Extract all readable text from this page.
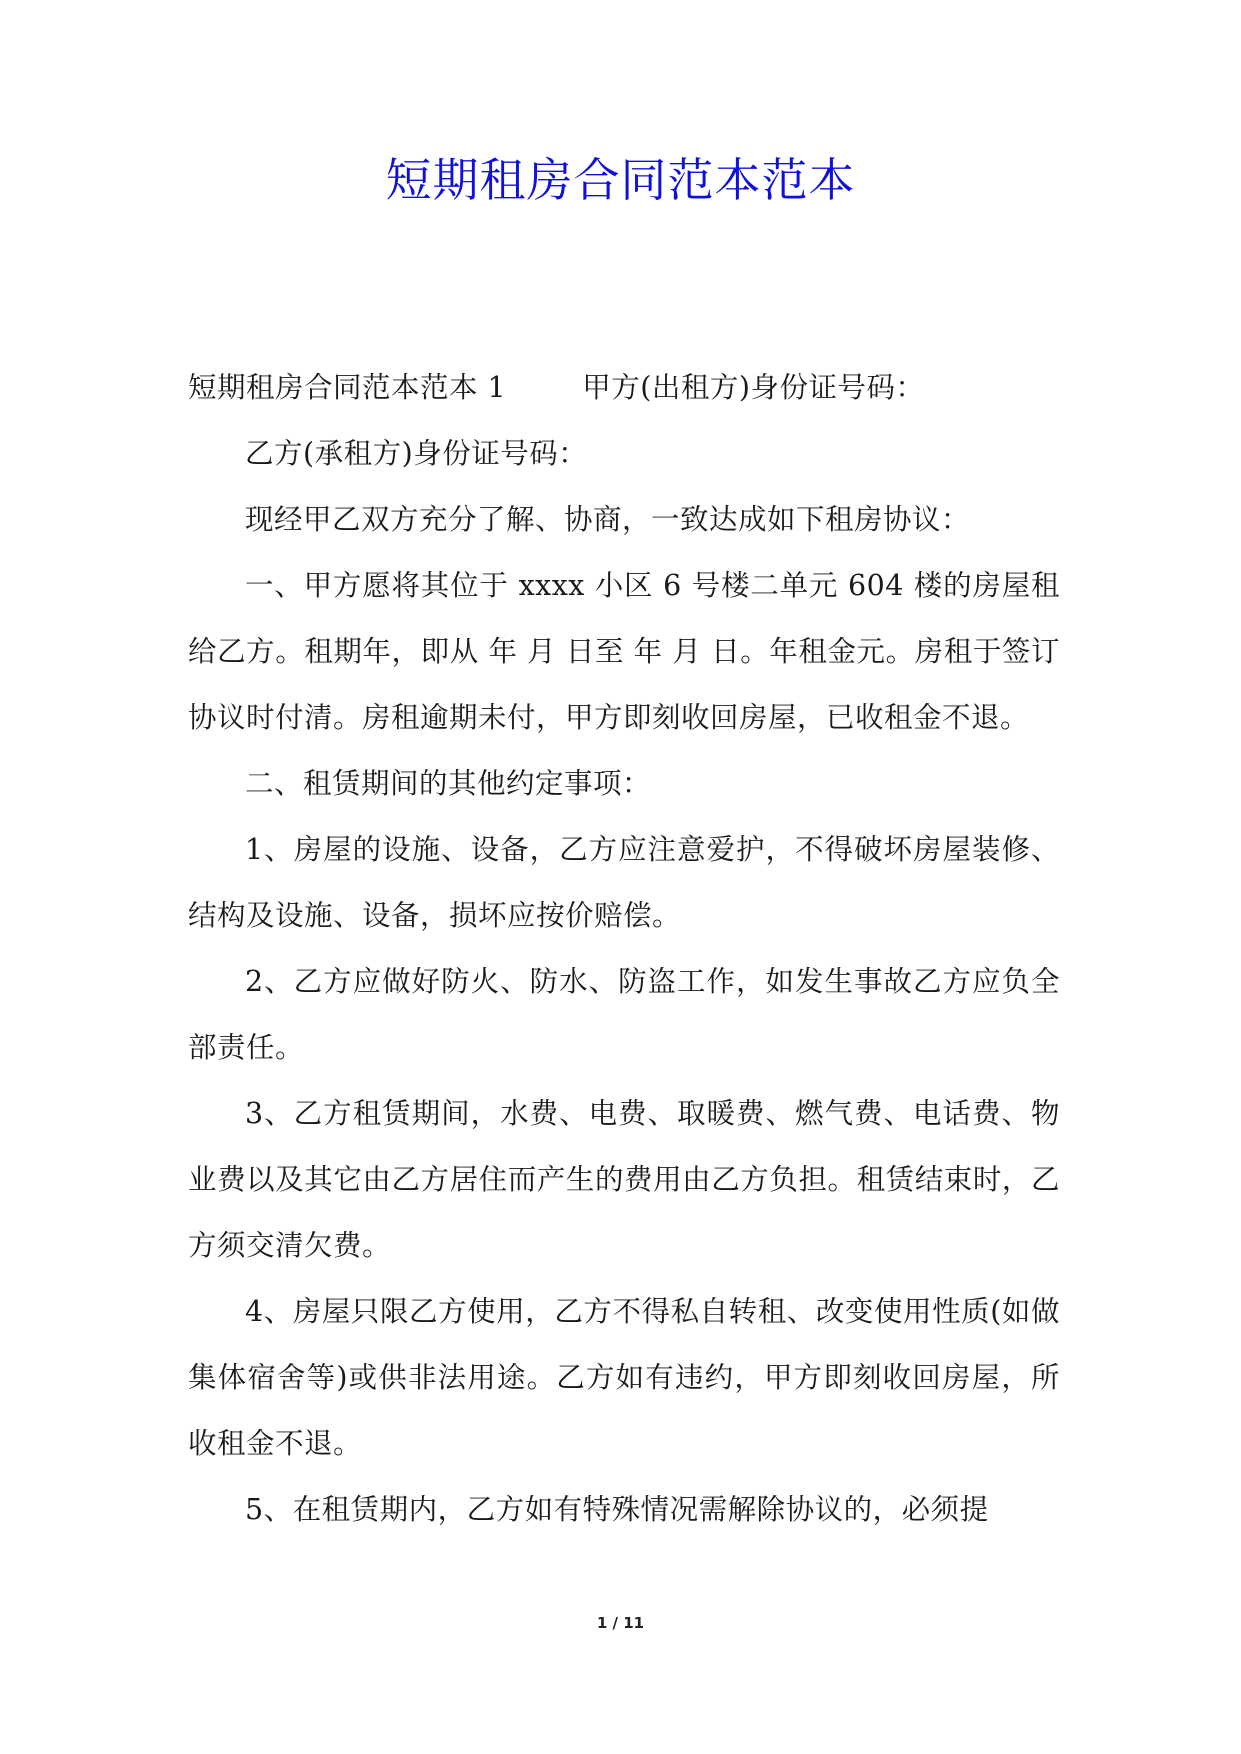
短期租房合同范本范本

短期租房合同范本范本 1	甲方(出租方)身份证号码：

乙方(承租方)身份证号码：

现经甲乙双方充分了解、协商，一致达成如下租房协议：

一、甲方愿将其位于 xxxx 小区 6 号楼二单元 604 楼的房屋租给乙方。租期年，即从 年 月 日至 年 月 日。年租金元。房租于签订协议时付清。房租逾期未付，甲方即刻收回房屋，已收租金不退。

二、租赁期间的其他约定事项：

1、房屋的设施、设备，乙方应注意爱护，不得破坏房屋装修、结构及设施、设备，损坏应按价赔偿。

2、乙方应做好防火、防水、防盗工作，如发生事故乙方应负全部责任。

3、乙方租赁期间，水费、电费、取暖费、燃气费、电话费、物业费以及其它由乙方居住而产生的费用由乙方负担。租赁结束时，乙方须交清欠费。

4、房屋只限乙方使用，乙方不得私自转租、改变使用性质(如做集体宿舍等)或供非法用途。乙方如有违约，甲方即刻收回房屋，所收租金不退。

5、在租赁期内，乙方如有特殊情况需解除协议的，必须提

1 / 11
